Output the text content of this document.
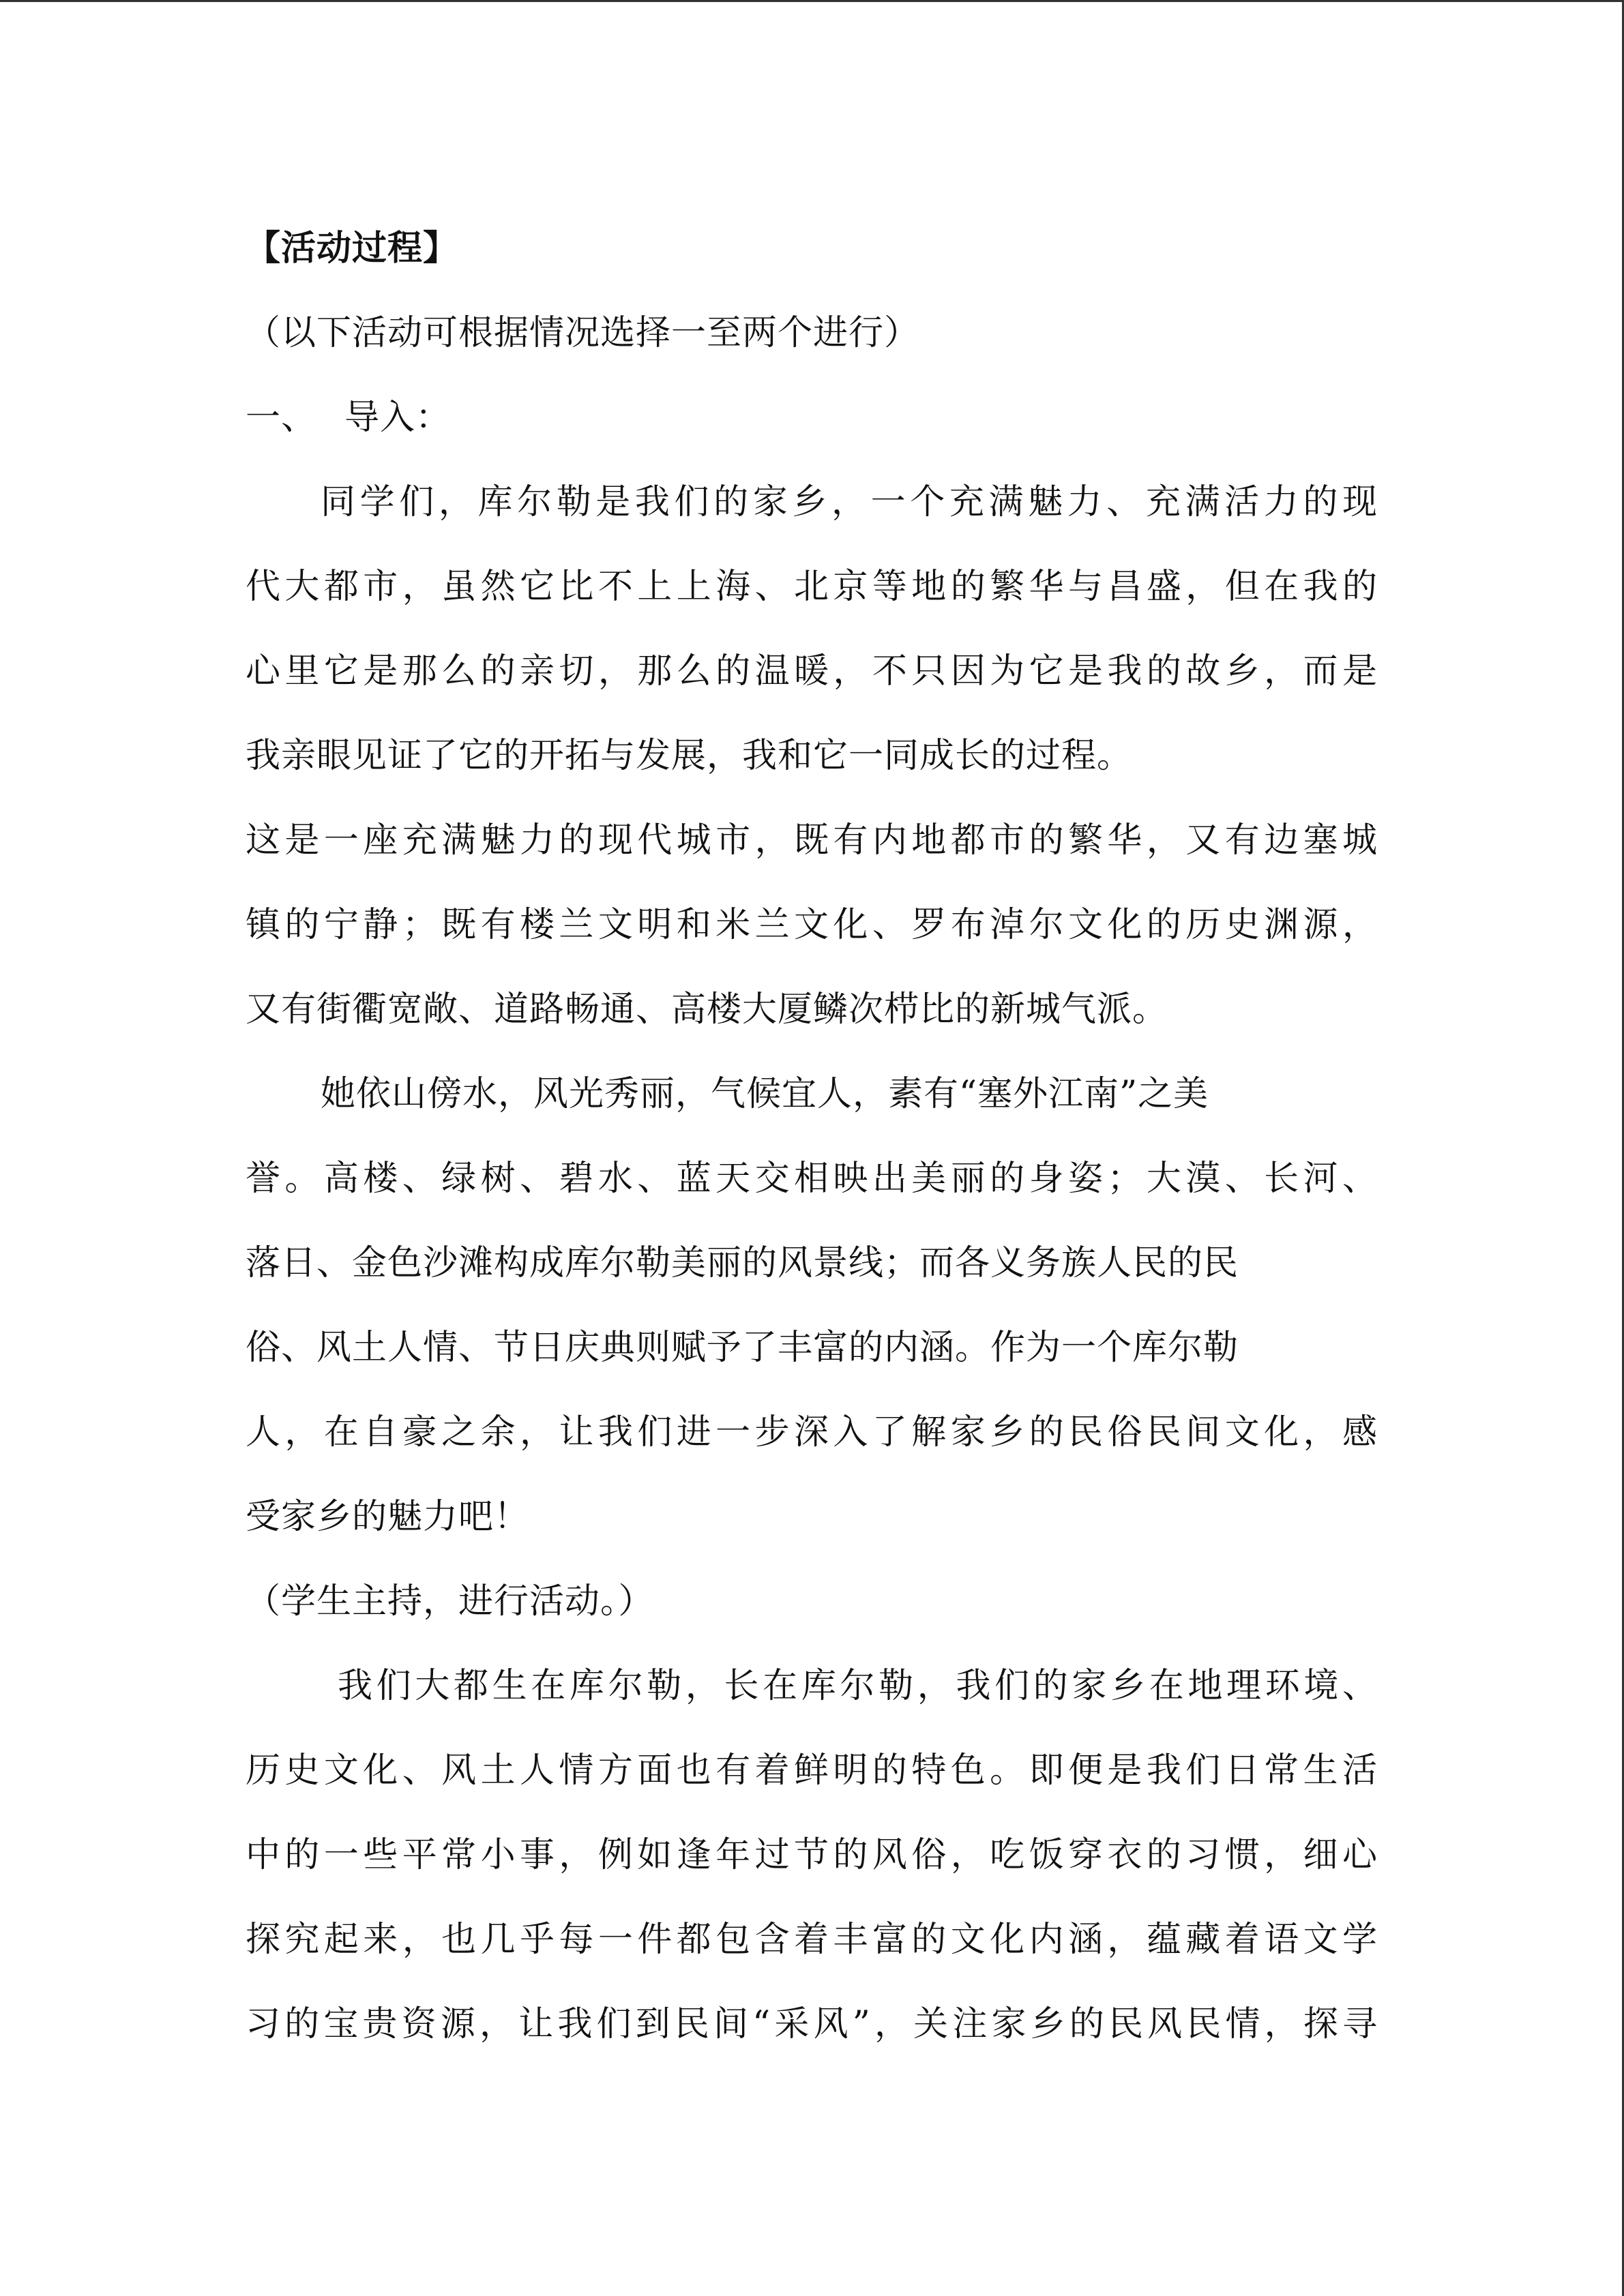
【活动过程】
（以下活动可根据情况选择一至两个进行）
一、 导入：
同学们，库尔勒是我们的家乡，一个充满魅力、充满活力的现
代大都市，虽然它比不上上海、北京等地的繁华与昌盛，但在我的
心里它是那么的亲切，那么的温暖，不只因为它是我的故乡，而是
我亲眼见证了它的开拓与发展，我和它一同成长的过程。
这是一座充满魅力的现代城市，既有内地都市的繁华，又有边塞城
镇的宁静；既有楼兰文明和米兰文化、罗布淖尔文化的历史渊源，
又有街衢宽敞、道路畅通、高楼大厦鳞次栉比的新城气派。
她依山傍水，风光秀丽，气候宜人，素有“塞外江南”之美
誉。高楼、绿树、碧水、蓝天交相映出美丽的身姿；大漠、长河、
落日、金色沙滩构成库尔勒美丽的风景线；而各义务族人民的民
俗、风土人情、节日庆典则赋予了丰富的内涵。作为一个库尔勒
人，在自豪之余，让我们进一步深入了解家乡的民俗民间文化，感
受家乡的魅力吧！
（学生主持，进行活动。）
我们大都生在库尔勒，长在库尔勒，我们的家乡在地理环境、
历史文化、风土人情方面也有着鲜明的特色。即便是我们日常生活
中的一些平常小事，例如逢年过节的风俗，吃饭穿衣的习惯，细心
探究起来，也几乎每一件都包含着丰富的文化内涵，蕴藏着语文学
习的宝贵资源，让我们到民间“采风”，关注家乡的民风民情，探寻
